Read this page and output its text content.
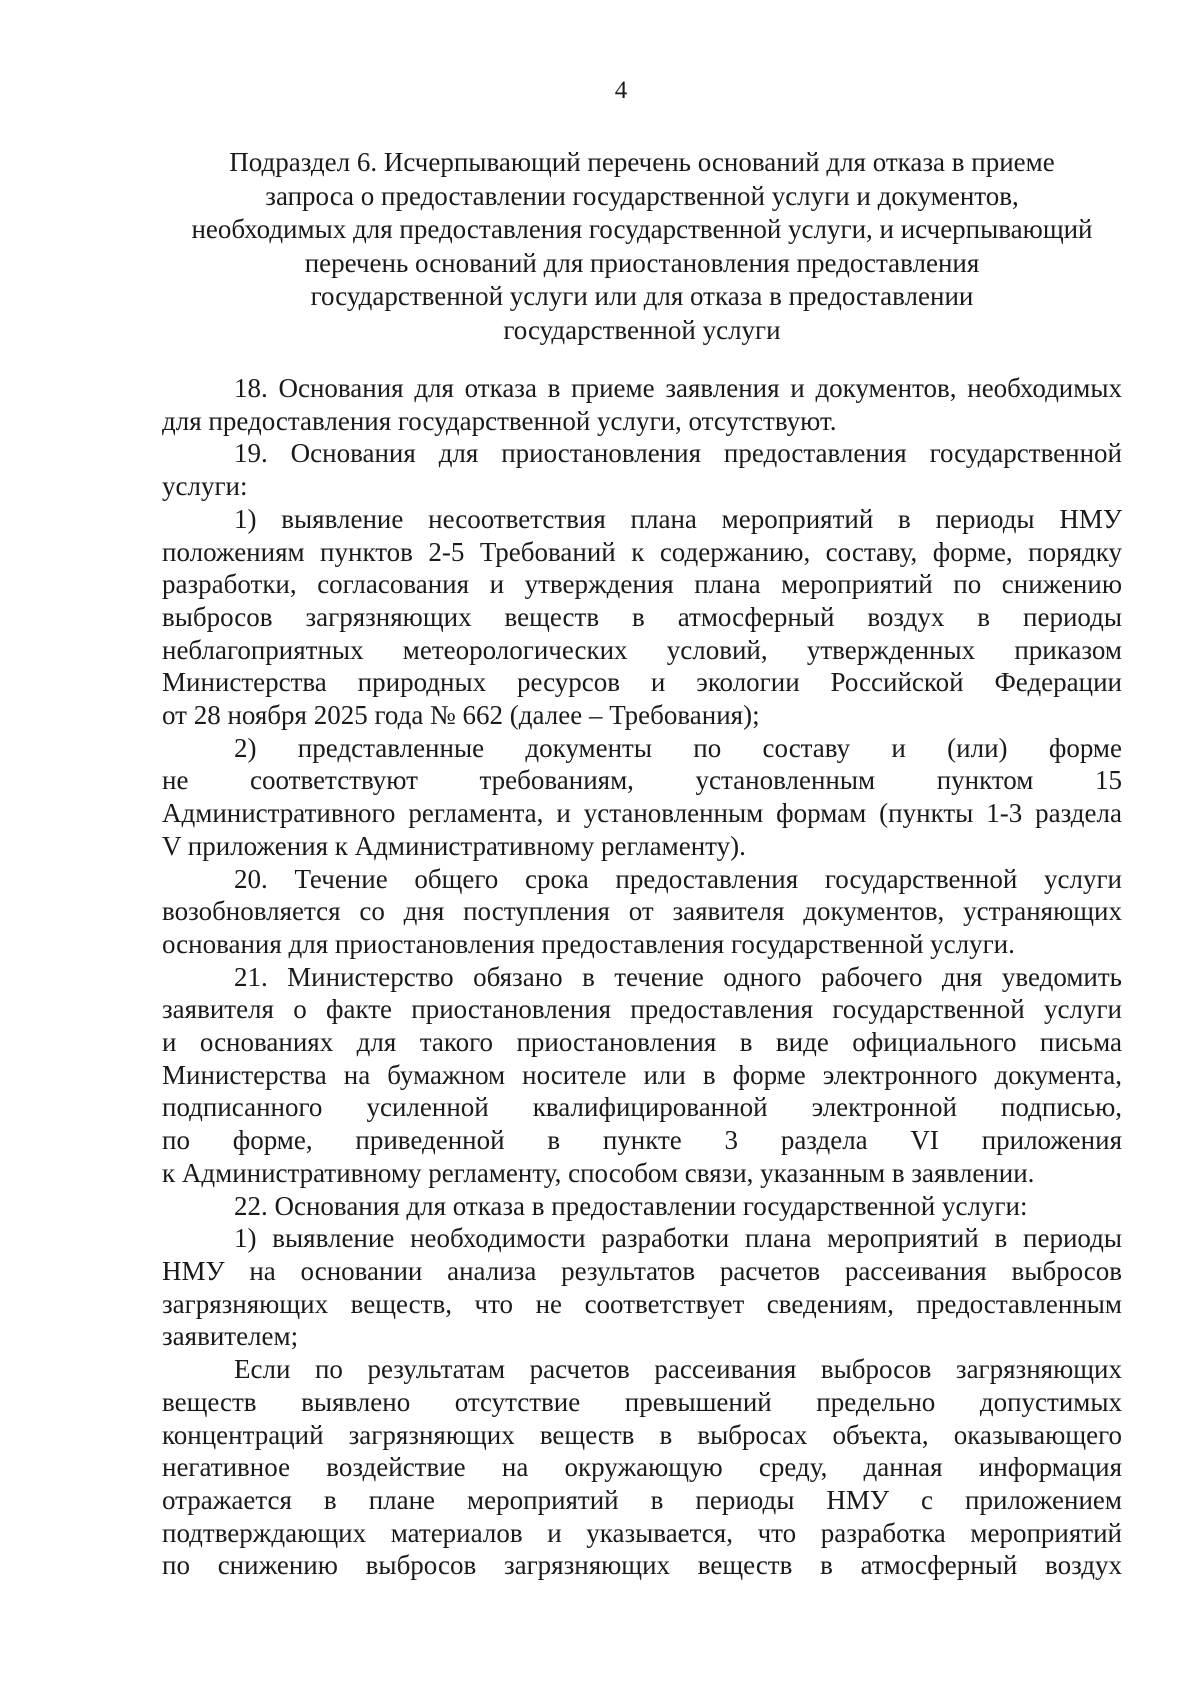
4
Подраздел 6. Исчерпывающий перечень оснований для отказа в приеме
запроса о предоставлении государственной услуги и документов,
необходимых для предоставления государственной услуги, и исчерпывающий
перечень оснований для приостановления предоставления
государственной услуги или для отказа в предоставлении
государственной услуги

18. Основания для отказа в приеме заявления и документов, необходимых
для предоставления государственной услуги, отсутствуют.

19. Основания для приостановления предоставления государственной
услуги:

1) выявление несоответствия плана мероприятий в периоды НМУ
положениям пунктов 2-5 Требований к содержанию, составу, форме, порядку
разработки, согласования и утверждения плана мероприятий по снижению
выбросов загрязняющих веществ в атмосферный воздух в периоды
неблагоприятных метеорологических условий, утвержденных приказом
Министерства природных ресурсов и экологии Российской Федерации
от 28 ноября 2025 года № 662 (далее – Требования);

2) представленные документы по составу и (или) форме
не соответствуют требованиям, установленным пунктом 15
Административного регламента, и установленным формам (пункты 1-3 раздела
V приложения к Административному регламенту).

20. Течение общего срока предоставления государственной услуги
возобновляется со дня поступления от заявителя документов, устраняющих
основания для приостановления предоставления государственной услуги.

21. Министерство обязано в течение одного рабочего дня уведомить
заявителя о факте приостановления предоставления государственной услуги
и основаниях для такого приостановления в виде официального письма
Министерства на бумажном носителе или в форме электронного документа,
подписанного усиленной квалифицированной электронной подписью,
по форме, приведенной в пункте 3 раздела VI приложения
к Административному регламенту, способом связи, указанным в заявлении.

22. Основания для отказа в предоставлении государственной услуги:

1) выявление необходимости разработки плана мероприятий в периоды
НМУ на основании анализа результатов расчетов рассеивания выбросов
загрязняющих веществ, что не соответствует сведениям, предоставленным
заявителем;

Если по результатам расчетов рассеивания выбросов загрязняющих
веществ выявлено отсутствие превышений предельно допустимых
концентраций загрязняющих веществ в выбросах объекта, оказывающего
негативное воздействие на окружающую среду, данная информация
отражается в плане мероприятий в периоды НМУ с приложением
подтверждающих материалов и указывается, что разработка мероприятий
по снижению выбросов загрязняющих веществ в атмосферный воздух
